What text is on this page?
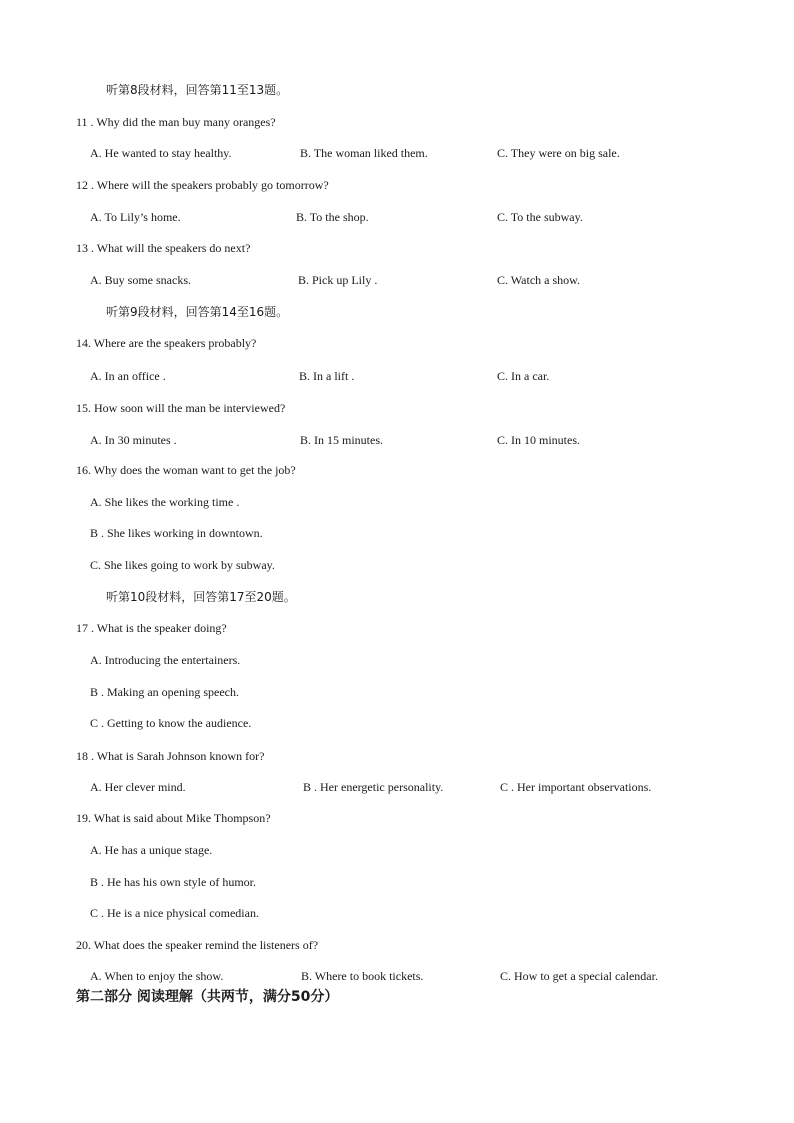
听第8段材料，回答第11至13题。
11 . Why did the man buy many oranges?
A. He wanted to stay healthy.	B. The woman liked them.	C. They were on big sale.
12 . Where will the speakers probably go tomorrow?
A. To Lily’s home.	B. To the shop.	C. To the subway.
13 . What will the speakers do next?
A. Buy some snacks.	B. Pick up Lily .	C. Watch a show.
听第9段材料，回答第14至16题。
14. Where are the speakers probably?
A. In an office .	B. In a lift .	C. In a car.
15. How soon will the man be interviewed?
A. In 30 minutes .	B. In 15 minutes.	C. In 10 minutes.
16. Why does the woman want to get the job?
A. She likes the working time .
B . She likes working in downtown.
C. She likes going to work by subway.
听第10段材料，回答第17至20题。
17 . What is the speaker doing?
A. Introducing the entertainers.
B . Making an opening speech.
C . Getting to know the audience.
18 . What is Sarah Johnson known for?
A. Her clever mind.	B . Her energetic personality.	C . Her important observations.
19. What is said about Mike Thompson?
A. He has a unique stage.
B . He has his own style of humor.
C . He is a nice physical comedian.
20. What does the speaker remind the listeners of?
A. When to enjoy the show.	B. Where to book tickets.	C. How to get a special calendar.
第二部分 阅读理解（共两节，满分50分）
